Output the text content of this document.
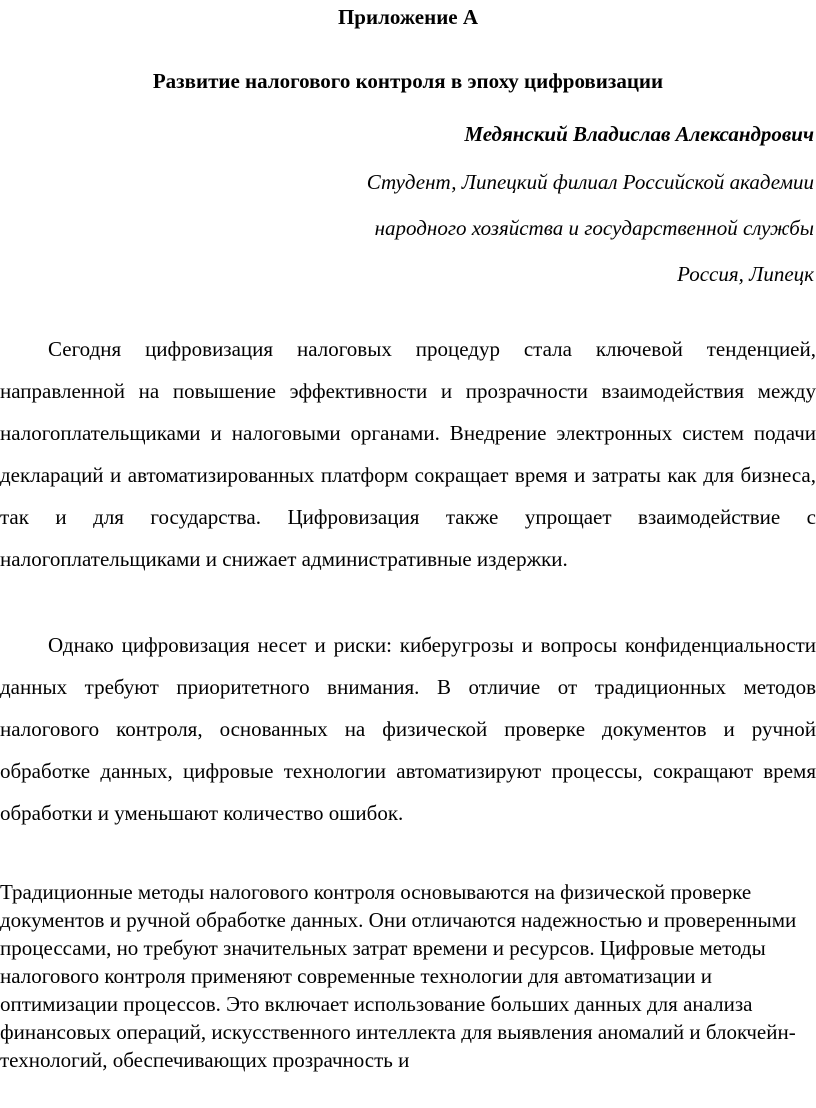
Приложение А
Развитие налогового контроля в эпоху цифровизации
Медянский Владислав Александрович
Студент, Липецкий филиал Российской академии
народного хозяйства и государственной службы
Россия, Липецк

Сегодня цифровизация налоговых процедур стала ключевой тенденцией, направленной на повышение эффективности и прозрачности взаимодействия между налогоплательщиками и налоговыми органами. Внедрение электронных систем подачи деклараций и автоматизированных платформ сокращает время и затраты как для бизнеса, так и для государства. Цифровизация также упрощает взаимодействие с налогоплательщиками и снижает административные издержки.

Однако цифровизация несет и риски: киберугрозы и вопросы конфиденциальности данных требуют приоритетного внимания. В отличие от традиционных методов налогового контроля, основанных на физической проверке документов и ручной обработке данных, цифровые технологии автоматизируют процессы, сокращают время обработки и уменьшают количество ошибок.

Традиционные методы налогового контроля основываются на физической проверке документов и ручной обработке данных. Они отличаются надежностью и проверенными процессами, но требуют значительных затрат времени и ресурсов. Цифровые методы налогового контроля применяют современные технологии для автоматизации и оптимизации процессов. Это включает использование больших данных для анализа финансовых операций, искусственного интеллекта для выявления аномалий и блокчейн-технологий, обеспечивающих прозрачность и
